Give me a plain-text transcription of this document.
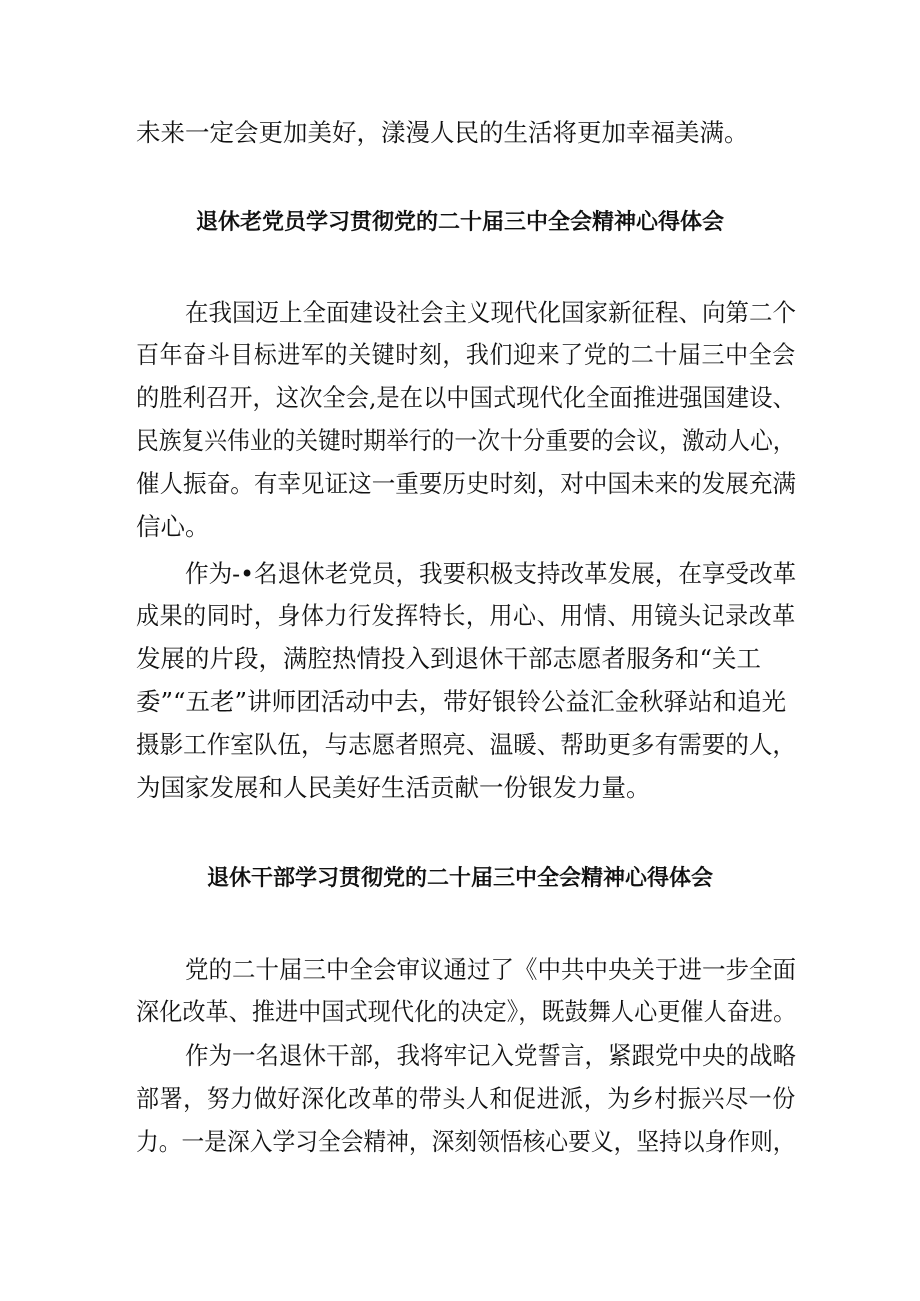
未来一定会更加美好，漾漫人民的生活将更加幸福美满。
退休老党员学习贯彻党的二十届三中全会精神心得体会
在我国迈上全面建设社会主义现代化国家新征程、向第二个
百年奋斗目标进军的关键时刻，我们迎来了党的二十届三中全会
的胜利召开，这次全会,是在以中国式现代化全面推进强国建设、
民族复兴伟业的关键时期举行的一次十分重要的会议，激动人心，
催人振奋。有幸见证这一重要历史时刻，对中国未来的发展充满
信心。
作为-•名退休老党员，我要积极支持改革发展，在享受改革
成果的同时，身体力行发挥特长，用心、用情、用镜头记录改革
发展的片段，满腔热情投入到退休干部志愿者服务和“关工
委”“五老”讲师团活动中去，带好银铃公益汇金秋驿站和追光
摄影工作室队伍，与志愿者照亮、温暖、帮助更多有需要的人，
为国家发展和人民美好生活贡献一份银发力量。
退休干部学习贯彻党的二十届三中全会精神心得体会
党的二十届三中全会审议通过了《中共中央关于进一步全面
深化改革、推进中国式现代化的决定》，既鼓舞人心更催人奋进。
作为一名退休干部，我将牢记入党誓言，紧跟党中央的战略
部署，努力做好深化改革的带头人和促进派，为乡村振兴尽一份
力。一是深入学习全会精神，深刻领悟核心要义，坚持以身作则，
